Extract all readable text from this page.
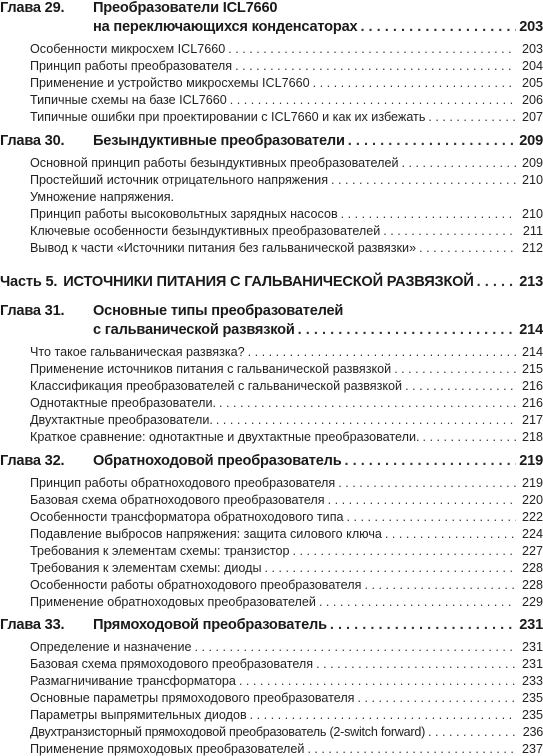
Глава 29.	Преобразователи ICL7660
на переключающихся конденсаторах . . .	203
Особенности микросхем ICL7660 . . .	203
Принцип работы преобразователя . . .	204
Применение и устройство микросхемы ICL7660 . . .	205
Типичные схемы на базе ICL7660 . . .	206
Типичные ошибки при проектировании с ICL7660 и как их избежать . . .	207
Глава 30.	Безындуктивные преобразователи . . .	209
Основной принцип работы безындуктивных преобразователей . . .	209
Простейший источник отрицательного напряжения . . .	210
Умножение напряжения.
Принцип работы высоковольтных зарядных насосов . . .	210
Ключевые особенности безындуктивных преобразователей . . .	211
Вывод к части «Источники питания без гальванической развязки» . . .	212
Часть 5. ИСТОЧНИКИ ПИТАНИЯ С ГАЛЬВАНИЧЕСКОЙ РАЗВЯЗКОЙ . . .	213
Глава 31.	Основные типы преобразователей
с гальванической развязкой . . .	214
Что такое гальваническая развязка? . . .	214
Применение источников питания с гальванической развязкой . . .	215
Классификация преобразователей с гальванической развязкой . . .	216
Однотактные преобразователи. . . .	216
Двухтактные преобразователи. . . .	217
Краткое сравнение: однотактные и двухтактные преобразователи. . . .	218
Глава 32.	Обратноходовой преобразователь . . .	219
Принцип работы обратноходового преобразователя . . .	219
Базовая схема обратноходового преобразователя . . .	220
Особенности трансформатора обратноходового типа . . .	222
Подавление выбросов напряжения: защита силового ключа . . .	224
Требования к элементам схемы: транзистор . . .	227
Требования к элементам схемы: диоды . . .	228
Особенности работы обратноходового преобразователя . . .	228
Применение обратноходовых преобразователей . . .	229
Глава 33.	Прямоходовой преобразователь . . .	231
Определение и назначение . . .	231
Базовая схема прямоходового преобразователя . . .	231
Размагничивание трансформатора . . .	233
Основные параметры прямоходового преобразователя . . .	235
Параметры выпрямительных диодов . . .	235
Двухтранзисторный прямоходовой преобразователь (2-switch forward) . . .	236
Применение прямоходовых преобразователей . . .	237
